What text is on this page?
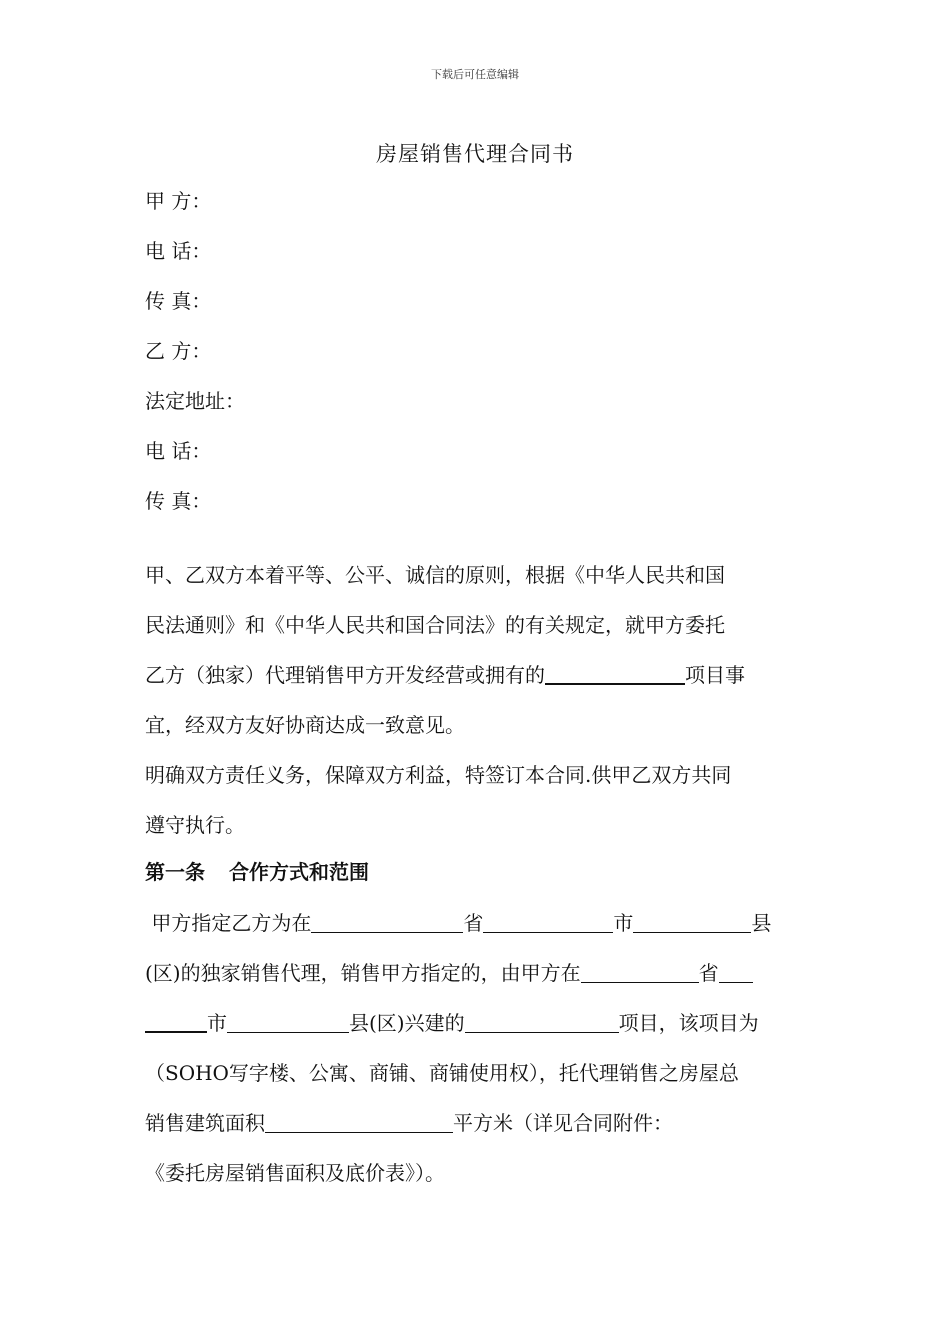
下载后可任意编辑
房屋销售代理合同书
甲 方：
电 话：
传 真：
乙 方：
法定地址：
电 话：
传 真：
甲、乙双方本着平等、公平、诚信的原则，根据《中华人民共和国
民法通则》和《中华人民共和国合同法》的有关规定，就甲方委托
乙方（独家）代理销售甲方开发经营或拥有的	项目事
宜，经双方友好协商达成一致意见。
明确双方责任义务，保障双方利益，特签订本合同.供甲乙双方共同
遵守执行。
第一条 合作方式和范围
甲方指定乙方为在	省	市	县
(区)的独家销售代理，销售甲方指定的，由甲方在	省
市	县(区)兴建的	项目，该项目为
（SOHO写字楼、公寓、商铺、商铺使用权），托代理销售之房屋总
销售建筑面积	平方米（详见合同附件：
《委托房屋销售面积及底价表》）。
